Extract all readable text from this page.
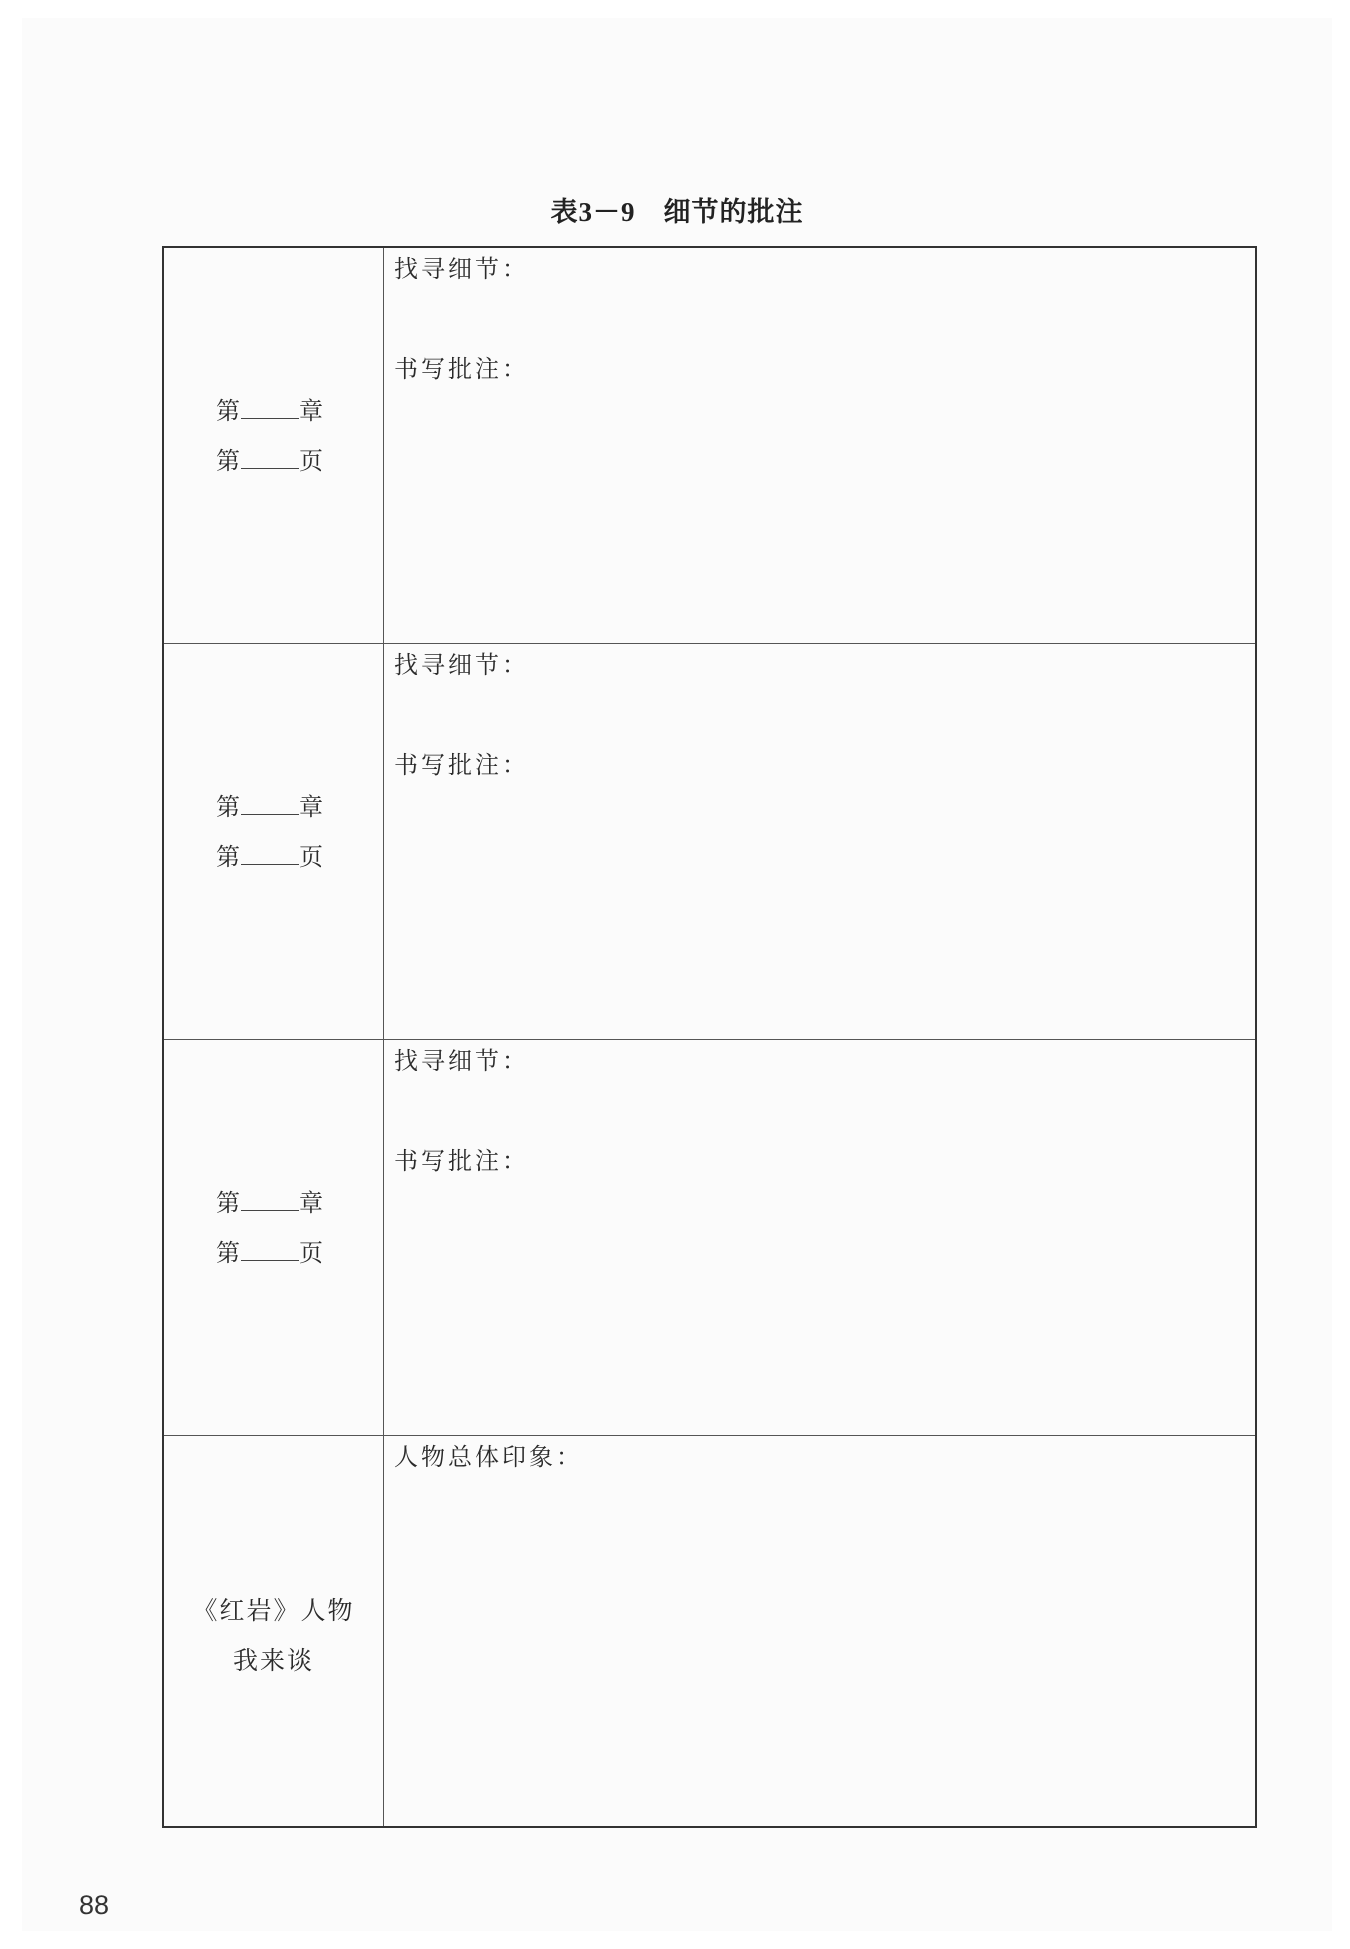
表3－9 细节的批注
第 章
第 页
找寻细节：
书写批注：
第 章
第 页
找寻细节：
书写批注：
第 章
第 页
找寻细节：
书写批注：
《红岩》人物
我来谈
人物总体印象：
88
